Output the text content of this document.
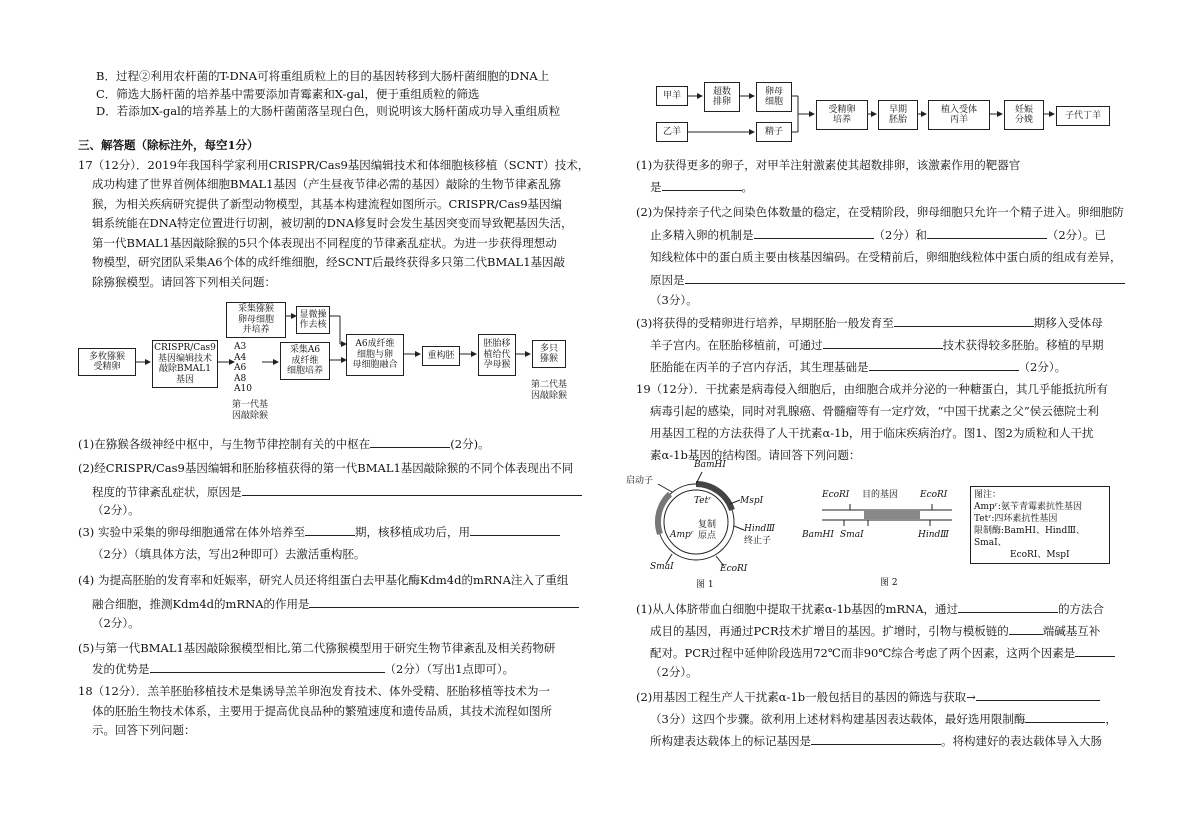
B．过程②利用农杆菌的T-DNA可将重组质粒上的目的基因转移到大肠杆菌细胞的DNA上
C．筛选大肠杆菌的培养基中需要添加青霉素和X-gal，便于重组质粒的筛选
D．若添加X-gal的培养基上的大肠杆菌菌落呈现白色，则说明该大肠杆菌成功导入重组质粒
三、解答题（除标注外，每空1分）
17（12分）．2019年我国科学家利用CRISPR/Cas9基因编辑技术和体细胞核移植（SCNT）技术，
成功构建了世界首例体细胞BMAL1基因（产生昼夜节律必需的基因）敲除的生物节律紊乱猕
猴，为相关疾病研究提供了新型动物模型，其基本构建流程如图所示。CRISPR/Cas9基因编
辑系统能在DNA特定位置进行切割，被切割的DNA修复时会发生基因突变而导致靶基因失活，
第一代BMAL1基因敲除猴的5只个体表现出不同程度的节律紊乱症状。为进一步获得理想动
物模型，研究团队采集A6个体的成纤维细胞，经SCNT后最终获得多只第二代BMAL1基因敲
除猕猴模型。请回答下列相关问题：
多枚猕猴
受精卵
CRISPR/Cas9
基因编辑技术
敲除BMAL1
基因
A3
A4
A6
A8
A10
第一代基
因敲除猴
采集猕猴
卵母细胞
并培养
显微操
作去核
采集A6
成纤维
细胞培养
A6成纤维
细胞与卵
母细胞融合
重构胚
胚胎移
植给代
孕母猴
多只
猕猴
第二代基
因敲除猴
(1)在猕猴各级神经中枢中，与生物节律控制有关的中枢在	(2分)。
(2)经CRISPR/Cas9基因编辑和胚胎移植获得的第一代BMAL1基因敲除猴的不同个体表现出不同
程度的节律紊乱症状，原因是
（2分）。
(3) 实验中采集的卵母细胞通常在体外培养至	期，核移植成功后，用
（2分）（填具体方法，写出2种即可）去激活重构胚。
(4) 为提高胚胎的发育率和妊娠率，研究人员还将组蛋白去甲基化酶Kdm4d的mRNA注入了重组
融合细胞，推测Kdm4d的mRNA的作用是
（2分）。
(5)与第一代BMAL1基因敲除猴模型相比,第二代猕猴模型用于研究生物节律紊乱及相关药物研
发的优势是	（2分）（写出1点即可）。
18（12分）．羔羊胚胎移植技术是集诱导羔羊卵泡发育技术、体外受精、胚胎移植等技术为一
体的胚胎生物技术体系，主要用于提高优良品种的繁殖速度和遗传品质，其技术流程如图所
示。回答下列问题：
甲羊
乙羊
超数
排卵
卵母
细胞
精子
受精卵
培养
早期
胚胎
植入受体
丙羊
妊娠
分娩	子代丁羊
(1)为获得更多的卵子，对甲羊注射激素使其超数排卵，该激素作用的靶器官
是	。
(2)为保持亲子代之间染色体数量的稳定，在受精阶段，卵母细胞只允许一个精子进入。卵细胞防
止多精入卵的机制是	（2分）和	（2分）。已
知线粒体中的蛋白质主要由核基因编码。在受精前后，卵细胞线粒体中蛋白质的组成有差异，
原因是
（3分）。
(3)将获得的受精卵进行培养，早期胚胎一般发育至	期移入受体母
羊子宫内。在胚胎移植前，可通过	技术获得较多胚胎。移植的早期
胚胎能在丙羊的子宫内存活，其生理基础是	（2分）。
19（12分）．干扰素是病毒侵入细胞后，由细胞合成并分泌的一种糖蛋白，其几乎能抵抗所有
病毒引起的感染，同时对乳腺癌、骨髓瘤等有一定疗效，“中国干扰素之父”侯云德院士利
用基因工程的方法获得了人干扰素α-1b，用于临床疾病治疗。图1、图2为质粒和人干扰
素α-1b基因的结构图。请回答下列问题：
启动子
BamHⅠ
Tetʳ	MspⅠ
HindⅢ
终止子
复制
原点
Ampʳ
SmaⅠ	EcoRⅠ
图 1
EcoRⅠ 目的基因 EcoRⅠ
BamHⅠ SmaⅠ	HindⅢ
图 2
图注：
Ampʳ:氨苄青霉素抗性基因
Tetʳ:四环素抗性基因
限制酶:BamHⅠ、HindⅢ、SmaⅠ、
EcoRⅠ、MspⅠ
(1)从人体脐带血白细胞中提取干扰素α-1b基因的mRNA，通过	的方法合
成目的基因，再通过PCR技术扩增目的基因。扩增时，引物与模板链的	端碱基互补
配对。PCR过程中延伸阶段选用72℃而非90℃综合考虑了两个因素，这两个因素是
（2分）。
(2)用基因工程生产人干扰素α-1b一般包括目的基因的筛选与获取→
（3分）这四个步骤。欲利用上述材料构建基因表达载体，最好选用限制酶	，
所构建表达载体上的标记基因是	。将构建好的表达载体导入大肠
